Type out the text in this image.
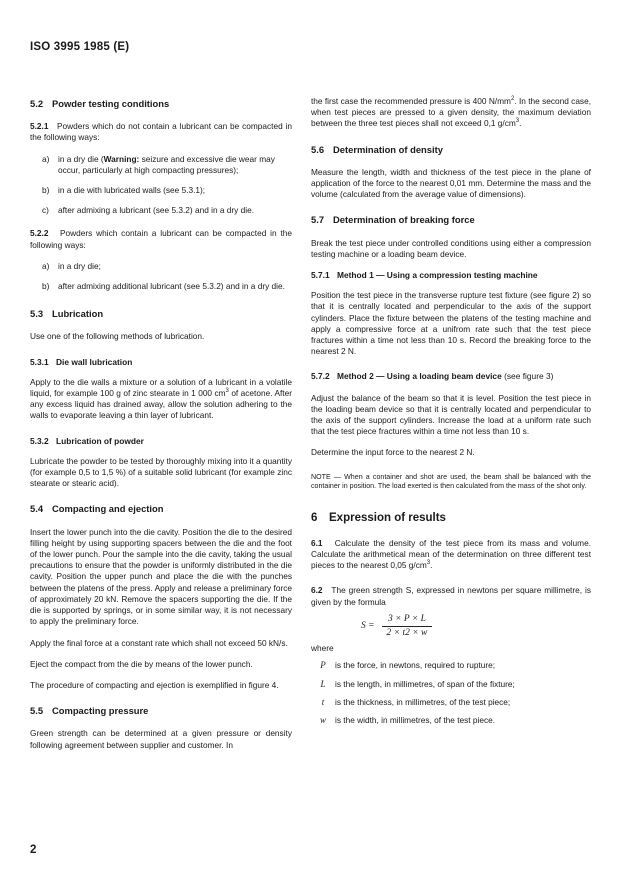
ISO 3995 1985 (E)
5.2 Powder testing conditions

5.2.1 Powders which do not contain a lubricant can be compacted in the following ways:

a)	in a dry die (Warning: seizure and excessive die wear may occur, particularly at high compacting pressures);
b)	in a die with lubricated walls (see 5.3.1);
c)	after admixing a lubricant (see 5.3.2) and in a dry die.

5.2.2 Powders which contain a lubricant can be compacted in the following ways:

a)	in a dry die;
b)	after admixing additional lubricant (see 5.3.2) and in a dry die.
5.3 Lubrication

Use one of the following methods of lubrication.

5.3.1 Die wall lubrication

Apply to the die walls a mixture or a solution of a lubricant in a volatile liquid, for example 100 g of zinc stearate in 1 000 $cm^3$ of acetone. After any excess liquid has drained away, allow the solution adhering to the walls to evaporate leaving a thin layer of lubricant.

5.3.2 Lubrication of powder

Lubricate the powder to be tested by thoroughly mixing into it a quantity (for example 0,5 to 1,5 %) of a suitable solid lubricant (for example zinc stearate or stearic acid).

5.4 Compacting and ejection

Insert the lower punch into the die cavity. Position the die to the desired filling height by using supporting spacers between the die and the foot of the lower punch. Pour the sample into the die cavity, taking the usual precautions to ensure that the powder is uniformly distributed in the die cavity. Position the upper punch and place the die with the punches between the platens of the press. Apply and release a preliminary force of approximately 20 kN. Remove the spacers supporting the die. If the die is supported by springs, or in some similar way, it is not necessary to apply the preliminary force.

Apply the final force at a constant rate which shall not exceed 50 kN/s.

Eject the compact from the die by means of the lower punch.

The procedure of compacting and ejection is exemplified in figure 4.

5.5 Compacting pressure

Green strength can be determined at a given pressure or density following agreement between supplier and customer. In

the first case the recommended pressure is 400 $N/mm^2$. In the second case, when test pieces are pressed to a given density, the maximum deviation between the three test pieces shall not exceed 0,1 $g/cm^3$.

5.6 Determination of density

Measure the length, width and thickness of the test piece in the plane of application of the force to the nearest 0,01 mm. Determine the mass and the volume (calculated from the average value of dimensions).

5.7 Determination of breaking force

Break the test piece under controlled conditions using either a compression testing machine or a loading beam device.

5.7.1 Method 1 — Using a compression testing machine

Position the test piece in the transverse rupture test fixture (see figure 2) so that it is centrally located and perpendicular to the axis of the support cylinders. Place the fixture between the platens of the testing machine and apply a compressive force at a unifrom rate such that the test piece fractures within a time not less than 10 s. Record the breaking force to the nearest 2 N.

5.7.2 Method 2 — Using a loading beam device (see figure 3)

Adjust the balance of the beam so that it is level. Position the test piece in the loading beam device so that it is centrally located and perpendicular to the axis of the support cylinders. Increase the load at a uniform rate such that the test piece fractures within a time not less than 10 s.

Determine the input force to the nearest 2 N.

NOTE — When a container and shot are used, the beam shall be balanced with the container in position. The load exerted is then calculated from the mass of the shot only.

6 Expression of results

6.1 Calculate the density of the test piece from its mass and volume. Calculate the arithmetical mean of the determination on three different test pieces to the nearest 0,05 $g/cm^3$.

6.2 The green strength S, expressed in newtons per square millimetre, is given by the formula

$S = \frac{3 \times P \times L}{2 \times t2 \times w}$

where

P	is the force, in newtons, required to rupture;
L	is the length, in millimetres, of span of the fixture;
t	is the thickness, in millimetres, of the test piece;
w	is the width, in millimetres, of the test piece.
2
